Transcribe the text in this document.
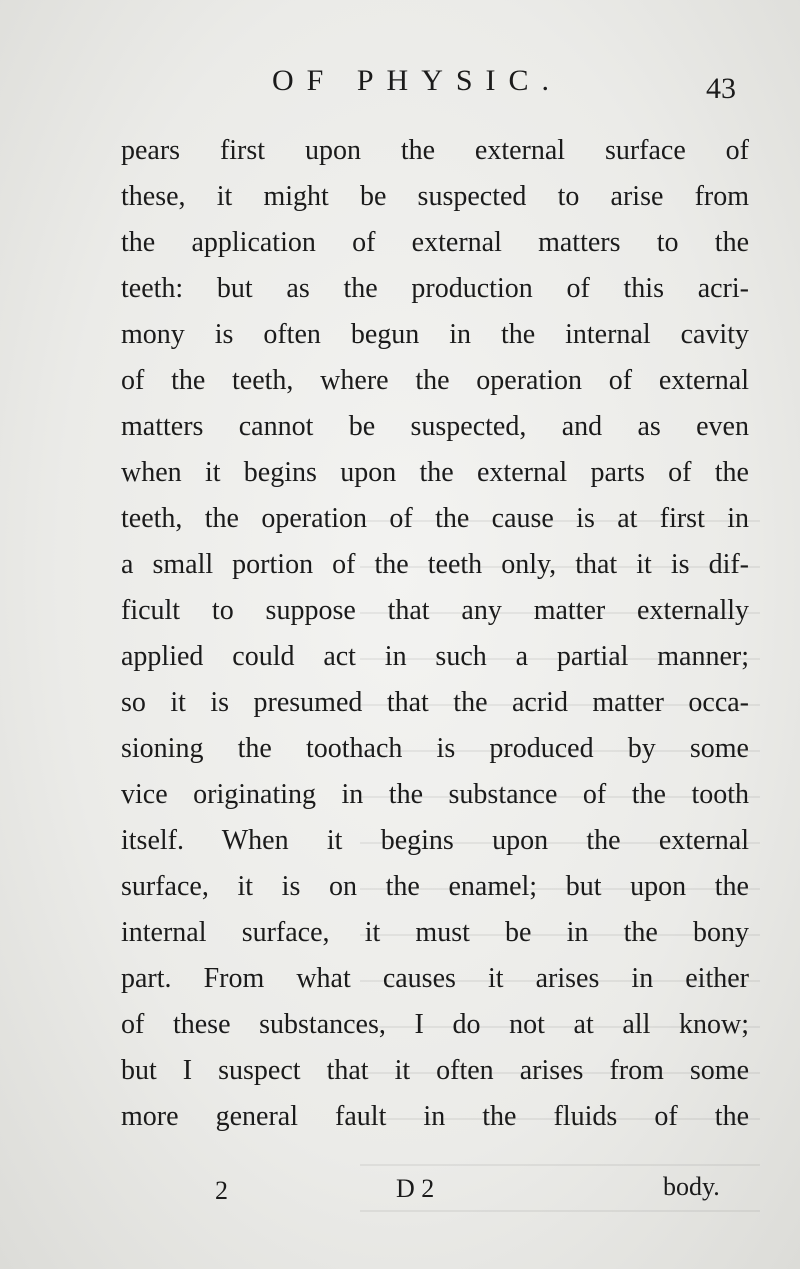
OF PHYSIC.	43
pears first upon the external surface of
these, it might be suspected to arise from
the application of external matters to the
teeth: but as the production of this acri-
mony is often begun in the internal cavity
of the teeth, where the operation of external
matters cannot be suspected, and as even
when it begins upon the external parts of the
teeth, the operation of the cause is at first in
a small portion of the teeth only, that it is dif-
ficult to suppose that any matter externally
applied could act in such a partial manner;
so it is presumed that the acrid matter occa-
sioning the toothach is produced by some
vice originating in the substance of the tooth
itself. When it begins upon the external
surface, it is on the enamel; but upon the
internal surface, it must be in the bony
part. From what causes it arises in either
of these substances, I do not at all know;
but I suspect that it often arises from some
more general fault in the fluids of the
2	D 2	body.
